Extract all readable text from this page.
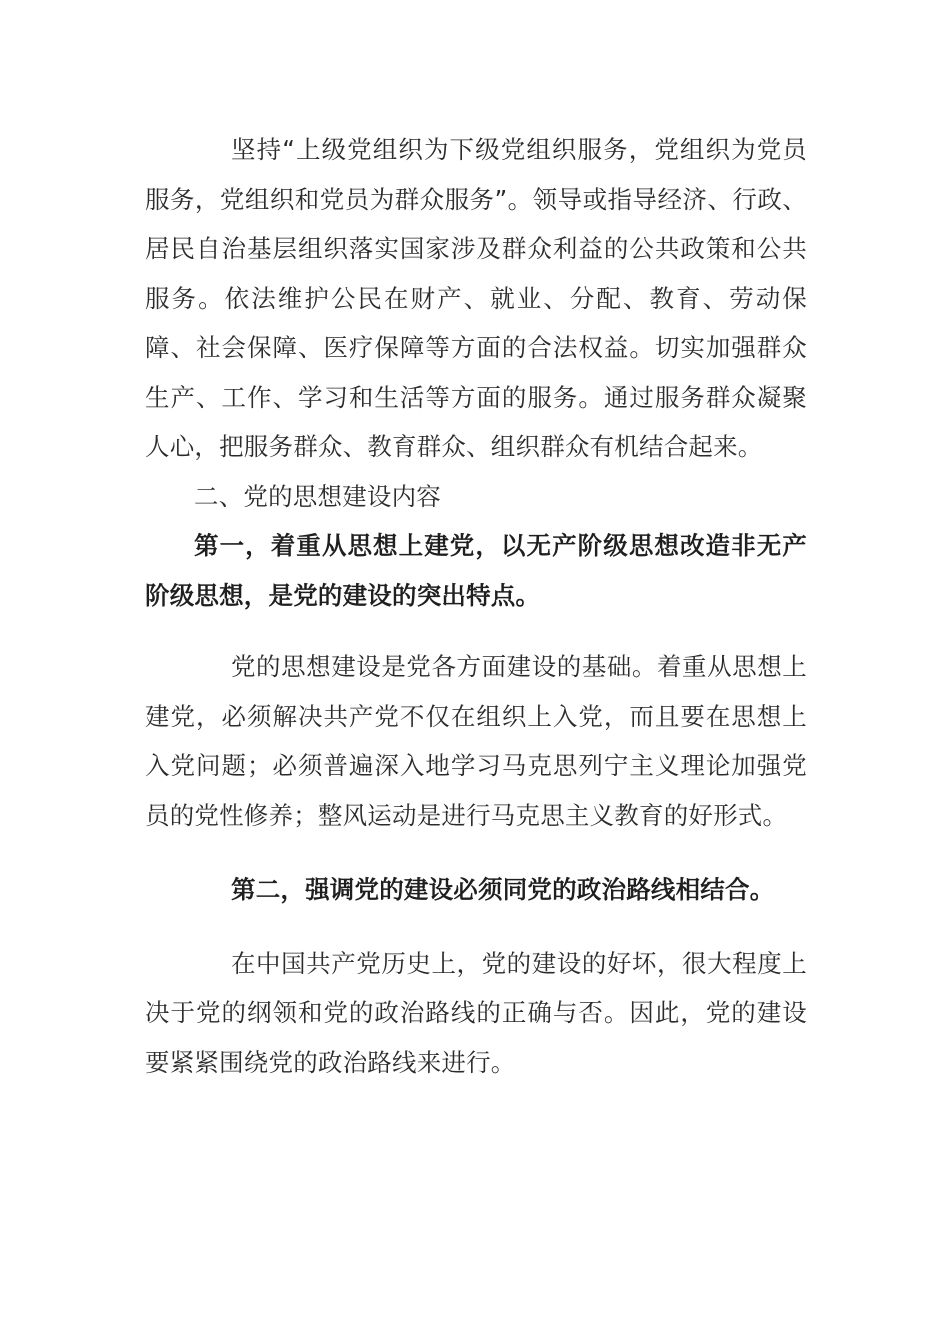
坚持“上级党组织为下级党组织服务，党组织为党员服务，党组织和党员为群众服务”。领导或指导经济、行政、居民自治基层组织落实国家涉及群众利益的公共政策和公共服务。依法维护公民在财产、就业、分配、教育、劳动保障、社会保障、医疗保障等方面的合法权益。切实加强群众生产、工作、学习和生活等方面的服务。通过服务群众凝聚人心，把服务群众、教育群众、组织群众有机结合起来。

二、党的思想建设内容

第一，着重从思想上建党，以无产阶级思想改造非无产阶级思想，是党的建设的突出特点。

党的思想建设是党各方面建设的基础。着重从思想上建党，必须解决共产党不仅在组织上入党，而且要在思想上入党问题；必须普遍深入地学习马克思列宁主义理论加强党员的党性修养；整风运动是进行马克思主义教育的好形式。

第二，强调党的建设必须同党的政治路线相结合。

在中国共产党历史上，党的建设的好坏，很大程度上决于党的纲领和党的政治路线的正确与否。因此，党的建设要紧紧围绕党的政治路线来进行。
